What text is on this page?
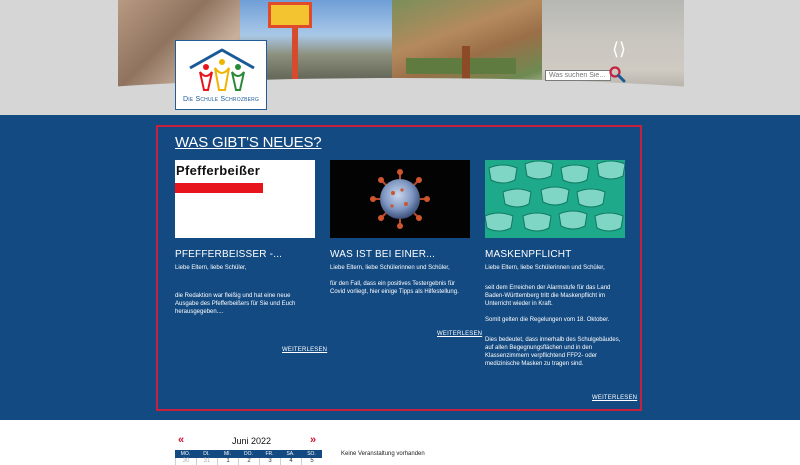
Die Schule Schrozberg
⟨⟩
Was suchen Sie...
WAS GIBT'S NEUES?
Pfefferbeißer
PFEFFERBEISSER -...

Liebe Eltern, liebe Schüler,

die Redaktion war fleißig und hat eine neue Ausgabe des Pfefferbeißers für Sie und Euch herausgegeben....

WAS IST BEI EINER...

Liebe Eltern, liebe Schülerinnen und Schüler,

für den Fall, dass ein positives Testergebnis für Covid vorliegt, hier einige Tipps als Hilfestellung.

MASKENPFLICHT

Liebe Eltern, liebe Schülerinnen und Schüler,

seit dem Erreichen der Alarmstufe für das Land Baden-Württemberg tritt die Maskenpflicht im Unterricht wieder in Kraft.

Somit gelten die Regelungen vom 18. Oktober.

Dies bedeutet, dass innerhalb des Schulgebäudes, auf allen Begegnungsflächen und in den Klassenzimmern verpflichtend FFP2- oder medizinische Masken zu tragen sind.

WEITERLESEN
WEITERLESEN
WEITERLESEN
«	Juni 2022	»
MO.	DI.	MI.	DO.	FR.	SA.	SO.
30	31	1	2	3	4	5
Keine Veranstaltung vorhanden
